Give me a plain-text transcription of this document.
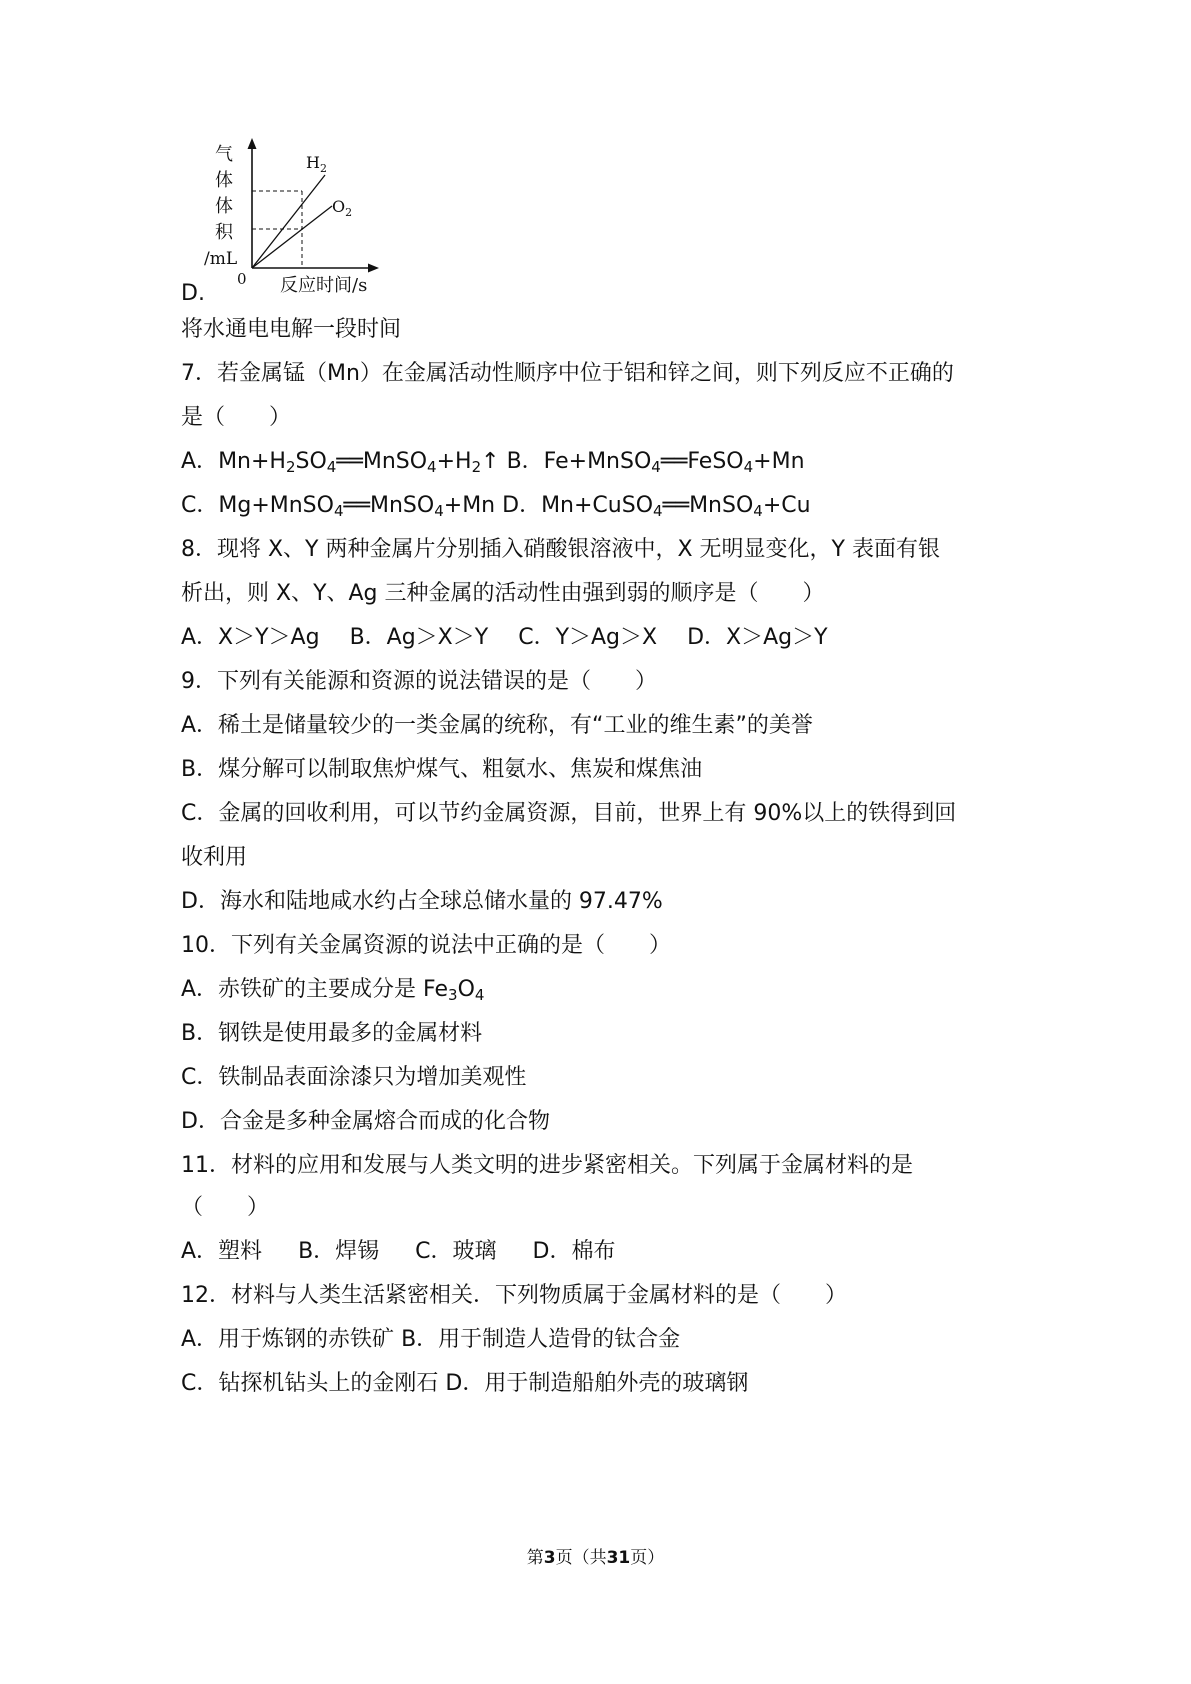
气
体
体
积
/mL
0 反应时间/s
$H_2$
$O_2$
D.
将水通电电解一段时间
7．若金属锰（Mn）在金属活动性顺序中位于铝和锌之间，则下列反应不正确的
是（　　）
A．$Mn+H_2SO_4══MnSO_4+H_2↑$ B．Fe+MnSO$_4$══FeSO$_4$+Mn
C．Mg+MnSO$_4$══MnSO$_4$+Mn D．Mn+CuSO$_4$══MnSO$_4$+Cu
8．现将 X、Y 两种金属片分别插入硝酸银溶液中，X 无明显变化，Y 表面有银
析出，则 X、Y、Ag 三种金属的活动性由强到弱的顺序是（　　）
A．X＞Y＞Ag B．Ag＞X＞Y C．Y＞Ag＞X D．X＞Ag＞Y
9．下列有关能源和资源的说法错误的是（　　）
A．稀土是储量较少的一类金属的统称，有“工业的维生素”的美誉
B．煤分解可以制取焦炉煤气、粗氨水、焦炭和煤焦油
C．金属的回收利用，可以节约金属资源，目前，世界上有 90%以上的铁得到回
收利用
D．海水和陆地咸水约占全球总储水量的 97.47%
10．下列有关金属资源的说法中正确的是（　　）
A．赤铁矿的主要成分是 $Fe_3O_4$
B．钢铁是使用最多的金属材料
C．铁制品表面涂漆只为增加美观性
D．合金是多种金属熔合而成的化合物
11．材料的应用和发展与人类文明的进步紧密相关。下列属于金属材料的是
（　　）
A．塑料 B．焊锡 C．玻璃 D．棉布
12．材料与人类生活紧密相关．下列物质属于金属材料的是（　　）
A．用于炼钢的赤铁矿 B．用于制造人造骨的钛合金
C．钻探机钻头上的金刚石 D．用于制造船舶外壳的玻璃钢
第3页（共31页）
